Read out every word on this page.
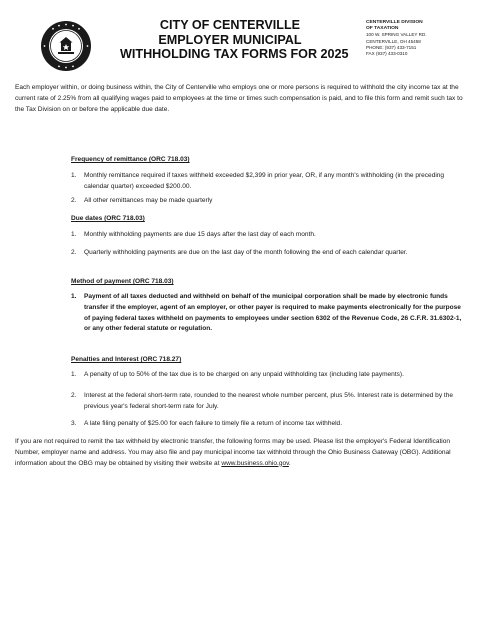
CITY OF CENTERVILLE
EMPLOYER MUNICIPAL
WITHHOLDING TAX FORMS FOR 2025
CENTERVILLE DIVISION
OF TAXATION
100 W. SPRING VALLEY RD.
CENTERVILLE, OH 45458
PHONE: (937) 433-7151
FAX (937) 433-0310

Each employer within, or doing business within, the City of Centerville who employs one or more persons is required to withhold the city income tax at the current rate of 2.25% from all qualifying wages paid to employees at the time or times such compensation is paid, and to file this form and remit such tax to the Tax Division on or before the applicable due date.

Frequency of remittance (ORC 718.03)

1. Monthly remittance required if taxes withheld exceeded $2,399 in prior year, OR, if any month's withholding (in the preceding calendar quarter) exceeded $200.00.
2. All other remittances may be made quarterly

Due dates (ORC 718.03)

1. Monthly withholding payments are due 15 days after the last day of each month.
2. Quarterly withholding payments are due on the last day of the month following the end of each calendar quarter.

Method of payment (ORC 718.03)

1. Payment of all taxes deducted and withheld on behalf of the municipal corporation shall be made by electronic funds transfer if the employer, agent of an employer, or other payer is required to make payments electronically for the purpose of paying federal taxes withheld on payments to employees under section 6302 of the Revenue Code, 26 C.F.R. 31.6302-1, or any other federal statute or regulation.

Penalties and Interest (ORC 718.27)

1. A penalty of up to 50% of the tax due is to be charged on any unpaid withholding tax (including late payments).
2. Interest at the federal short-term rate, rounded to the nearest whole number percent, plus 5%. Interest rate is determined by the previous year's federal short-term rate for July.
3. A late filing penalty of $25.00 for each failure to timely file a return of income tax withheld.

If you are not required to remit the tax withheld by electronic transfer, the following forms may be used. Please list the employer's Federal Identification Number, employer name and address. You may also file and pay municipal income tax withhold through the Ohio Business Gateway (OBG). Additional information about the OBG may be obtained by visiting their website at www.business.ohio.gov.
